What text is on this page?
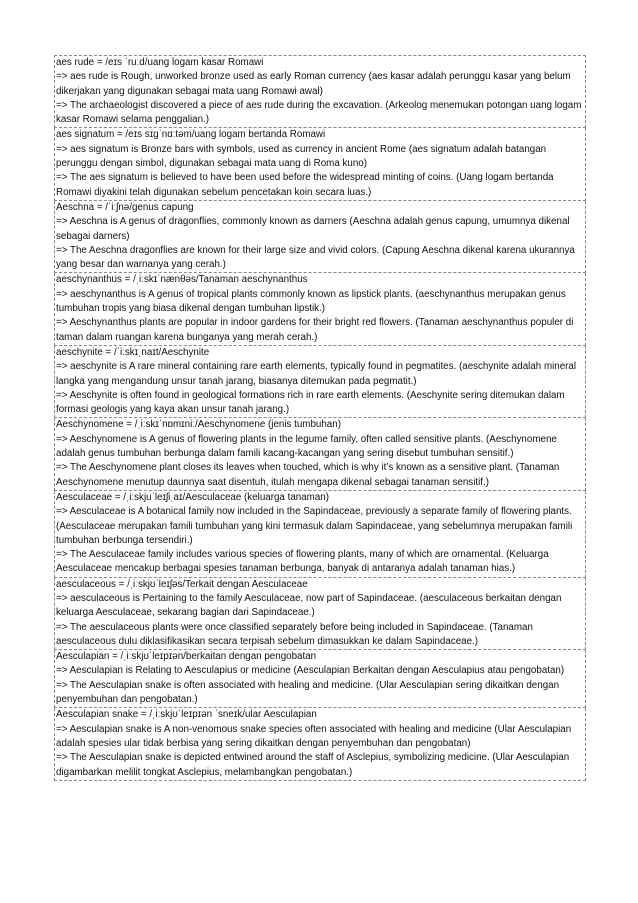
aes rude = /eɪs ˈruːd/uang logam kasar Romawi
=> aes rude is Rough, unworked bronze used as early Roman currency (aes kasar adalah perunggu kasar yang belum dikerjakan yang digunakan sebagai mata uang Romawi awal)
=> The archaeologist discovered a piece of aes rude during the excavation. (Arkeolog menemukan potongan uang logam kasar Romawi selama penggalian.)
aes signatum = /eɪs sɪɡˈnɑːtəm/uang logam bertanda Romawi
=> aes signatum is Bronze bars with symbols, used as currency in ancient Rome (aes signatum adalah batangan perunggu dengan simbol, digunakan sebagai mata uang di Roma kuno)
=> The aes signatum is believed to have been used before the widespread minting of coins. (Uang logam bertanda Romawi diyakini telah digunakan sebelum pencetakan koin secara luas.)
Aeschna = /ˈiːʃnə/genus capung
=> Aeschna is A genus of dragonflies, commonly known as darners (Aeschna adalah genus capung, umumnya dikenal sebagai darners)
=> The Aeschna dragonflies are known for their large size and vivid colors. (Capung Aeschna dikenal karena ukurannya yang besar dan warnanya yang cerah.)
aeschynanthus = /ˌiːskɪˈnænθəs/Tanaman aeschynanthus
=> aeschynanthus is A genus of tropical plants commonly known as lipstick plants. (aeschynanthus merupakan genus tumbuhan tropis yang biasa dikenal dengan tumbuhan lipstik.)
=> Aeschynanthus plants are popular in indoor gardens for their bright red flowers. (Tanaman aeschynanthus populer di taman dalam ruangan karena bunganya yang merah cerah.)
aeschynite = /ˈiːskɪˌnaɪt/Aeschynite
=> aeschynite is A rare mineral containing rare earth elements, typically found in pegmatites. (aeschynite adalah mineral langka yang mengandung unsur tanah jarang, biasanya ditemukan pada pegmatit.)
=> Aeschynite is often found in geological formations rich in rare earth elements. (Aeschynite sering ditemukan dalam formasi geologis yang kaya akan unsur tanah jarang.)
Aeschynomene = /ˌiːskɪˈnɒmɪniː/Aeschynomene (jenis tumbuhan)
=> Aeschynomene is A genus of flowering plants in the legume family, often called sensitive plants. (Aeschynomene adalah genus tumbuhan berbunga dalam famili kacang-kacangan yang sering disebut tumbuhan sensitif.)
=> The Aeschynomene plant closes its leaves when touched, which is why it’s known as a sensitive plant. (Tanaman Aeschynomene menutup daunnya saat disentuh, itulah mengapa dikenal sebagai tanaman sensitif.)
Aesculaceae = /ˌiːskjuˈleɪʃiˌaɪ/Aesculaceae (keluarga tanaman)
=> Aesculaceae is A botanical family now included in the Sapindaceae, previously a separate family of flowering plants. (Aesculaceae merupakan famili tumbuhan yang kini termasuk dalam Sapindaceae, yang sebelumnya merupakan famili tumbuhan berbunga tersendiri.)
=> The Aesculaceae family includes various species of flowering plants, many of which are ornamental. (Keluarga Aesculaceae mencakup berbagai spesies tanaman berbunga, banyak di antaranya adalah tanaman hias.)
aesculaceous = /ˌiːskjʊˈleɪʃəs/Terkait dengan Aesculaceae
=> aesculaceous is Pertaining to the family Aesculaceae, now part of Sapindaceae. (aesculaceous berkaitan dengan keluarga Aesculaceae, sekarang bagian dari Sapindaceae.)
=> The aesculaceous plants were once classified separately before being included in Sapindaceae. (Tanaman aesculaceous dulu diklasifikasikan secara terpisah sebelum dimasukkan ke dalam Sapindaceae.)
Aesculapian = /ˌiːskjʊˈleɪpɪən/berkaitan dengan pengobatan
=> Aesculapian is Relating to Aesculapius or medicine (Aesculapian Berkaitan dengan Aesculapius atau pengobatan)
=> The Aesculapian snake is often associated with healing and medicine. (Ular Aesculapian sering dikaitkan dengan penyembuhan dan pengobatan.)
Aesculapian snake = /ˌiːskjʊˈleɪpɪən ˈsneɪk/ular Aesculapian
=> Aesculapian snake is A non-venomous snake species often associated with healing and medicine (Ular Aesculapian adalah spesies ular tidak berbisa yang sering dikaitkan dengan penyembuhan dan pengobatan)
=> The Aesculapian snake is depicted entwined around the staff of Asclepius, symbolizing medicine. (Ular Aesculapian digambarkan melilit tongkat Asclepius, melambangkan pengobatan.)
